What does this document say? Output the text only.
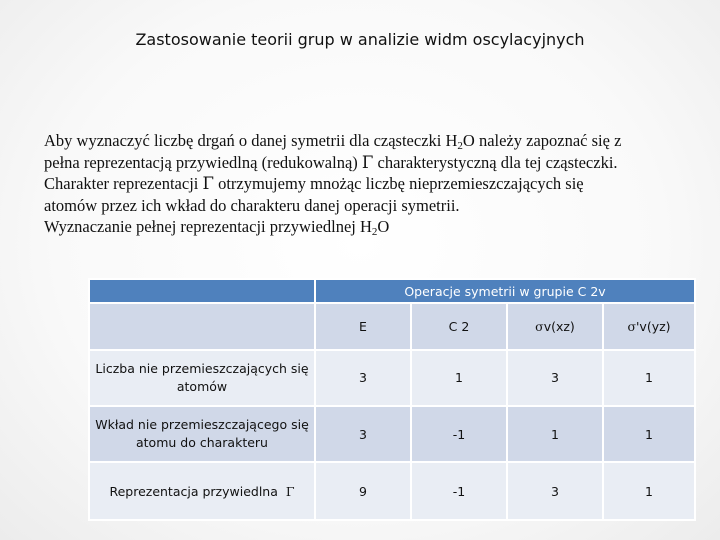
Zastosowanie teorii grup w analizie widm oscylacyjnych
Aby wyznaczyć liczbę drgań o danej symetrii dla cząsteczki $H_2O$ należy zapoznać się z
pełna reprezentacją przywiedlną (redukowalną) Γ charakterystyczną dla tej cząsteczki.
Charakter reprezentacji Γ otrzymujemy mnożąc liczbę nieprzemieszczających się
atomów przez ich wkład do charakteru danej operacji symetrii.
Wyznaczanie pełnej reprezentacji przywiedlnej $H_2O$
	Operacje symetrii w grupie C 2v			
	E	C 2	σv(xz)	σ'v(yz)
Liczba nie przemieszczających się atomów	3	1	3	1
Wkład nie przemieszczającego się atomu do charakteru	3	-1	1	1
Reprezentacja przywiedlna Γ	9	-1	3	1
